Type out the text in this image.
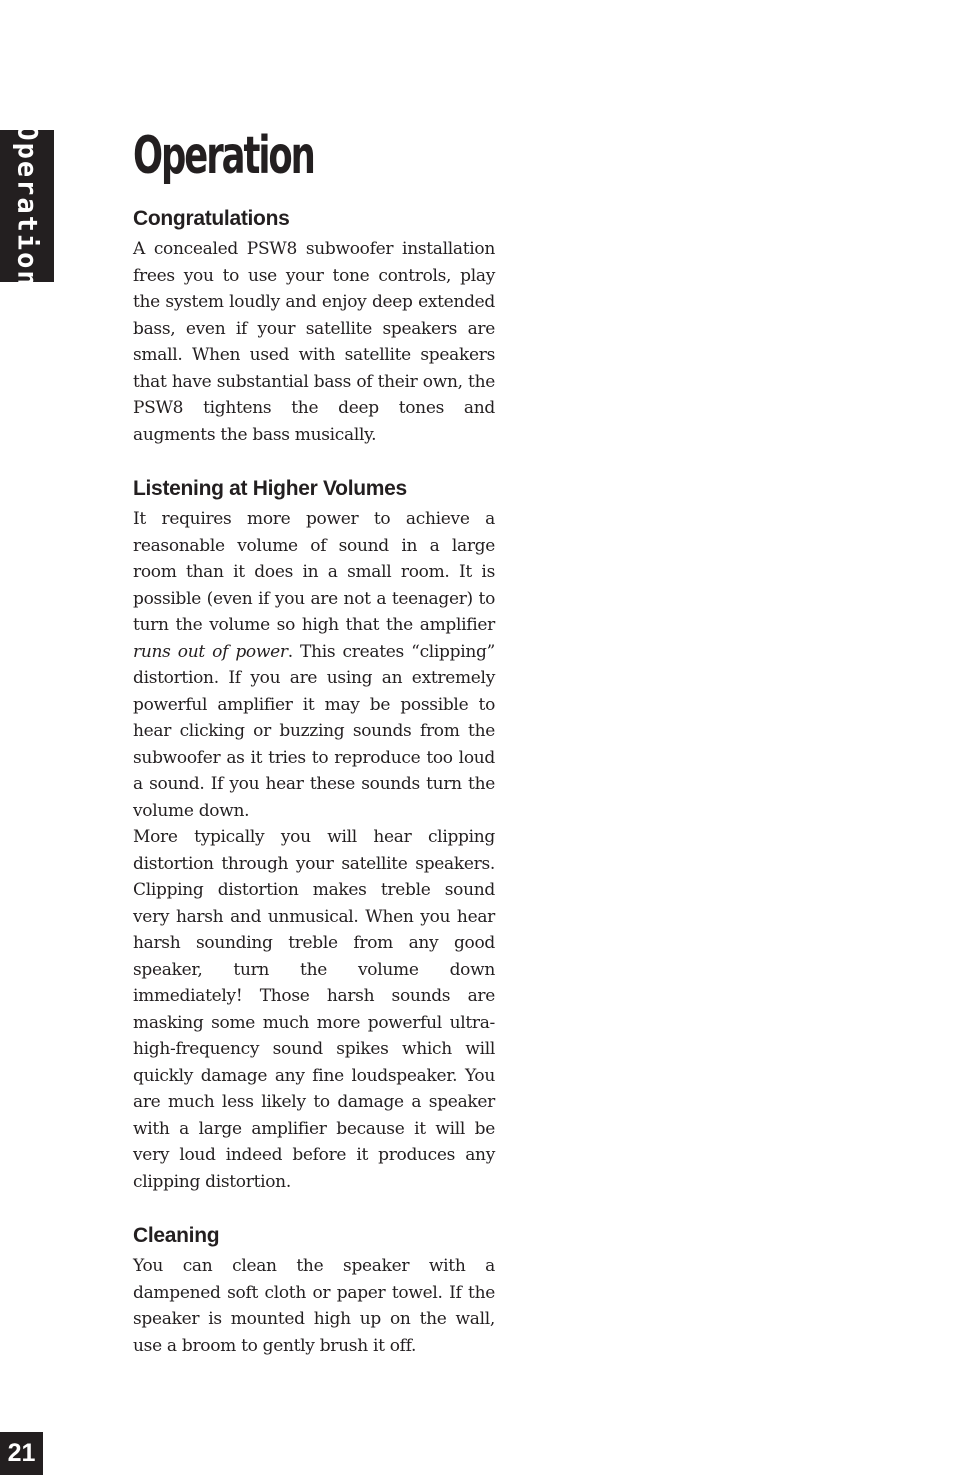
Operation Operation
Congratulations

A concealed PSW8 subwoofer installation frees you to use your tone controls, play the system loudly and enjoy deep extended bass, even if your satellite speakers are small. When used with satellite speakers that have substantial bass of their own, the PSW8 tightens the deep tones and augments the bass musically.

Listening at Higher Volumes

It requires more power to achieve a reasonable volume of sound in a large room than it does in a small room. It is possible (even if you are not a teenager) to turn the volume so high that the amplifier runs out of power. This creates “clipping” distortion. If you are using an extremely powerful amplifier it may be possible to hear clicking or buzzing sounds from the subwoofer as it tries to reproduce too loud a sound. If you hear these sounds turn the volume down.

More typically you will hear clipping distortion through your satellite speakers. Clipping distortion makes treble sound very harsh and unmusical. When you hear harsh sounding treble from any good speaker, turn the volume down immediately! Those harsh sounds are masking some much more powerful ultra-high-frequency sound spikes which will quickly damage any fine loudspeaker. You are much less likely to damage a speaker with a large amplifier because it will be very loud indeed before it produces any clipping distortion.

Cleaning

You can clean the speaker with a dampened soft cloth or paper towel. If the speaker is mounted high up on the wall, use a broom to gently brush it off.

21
